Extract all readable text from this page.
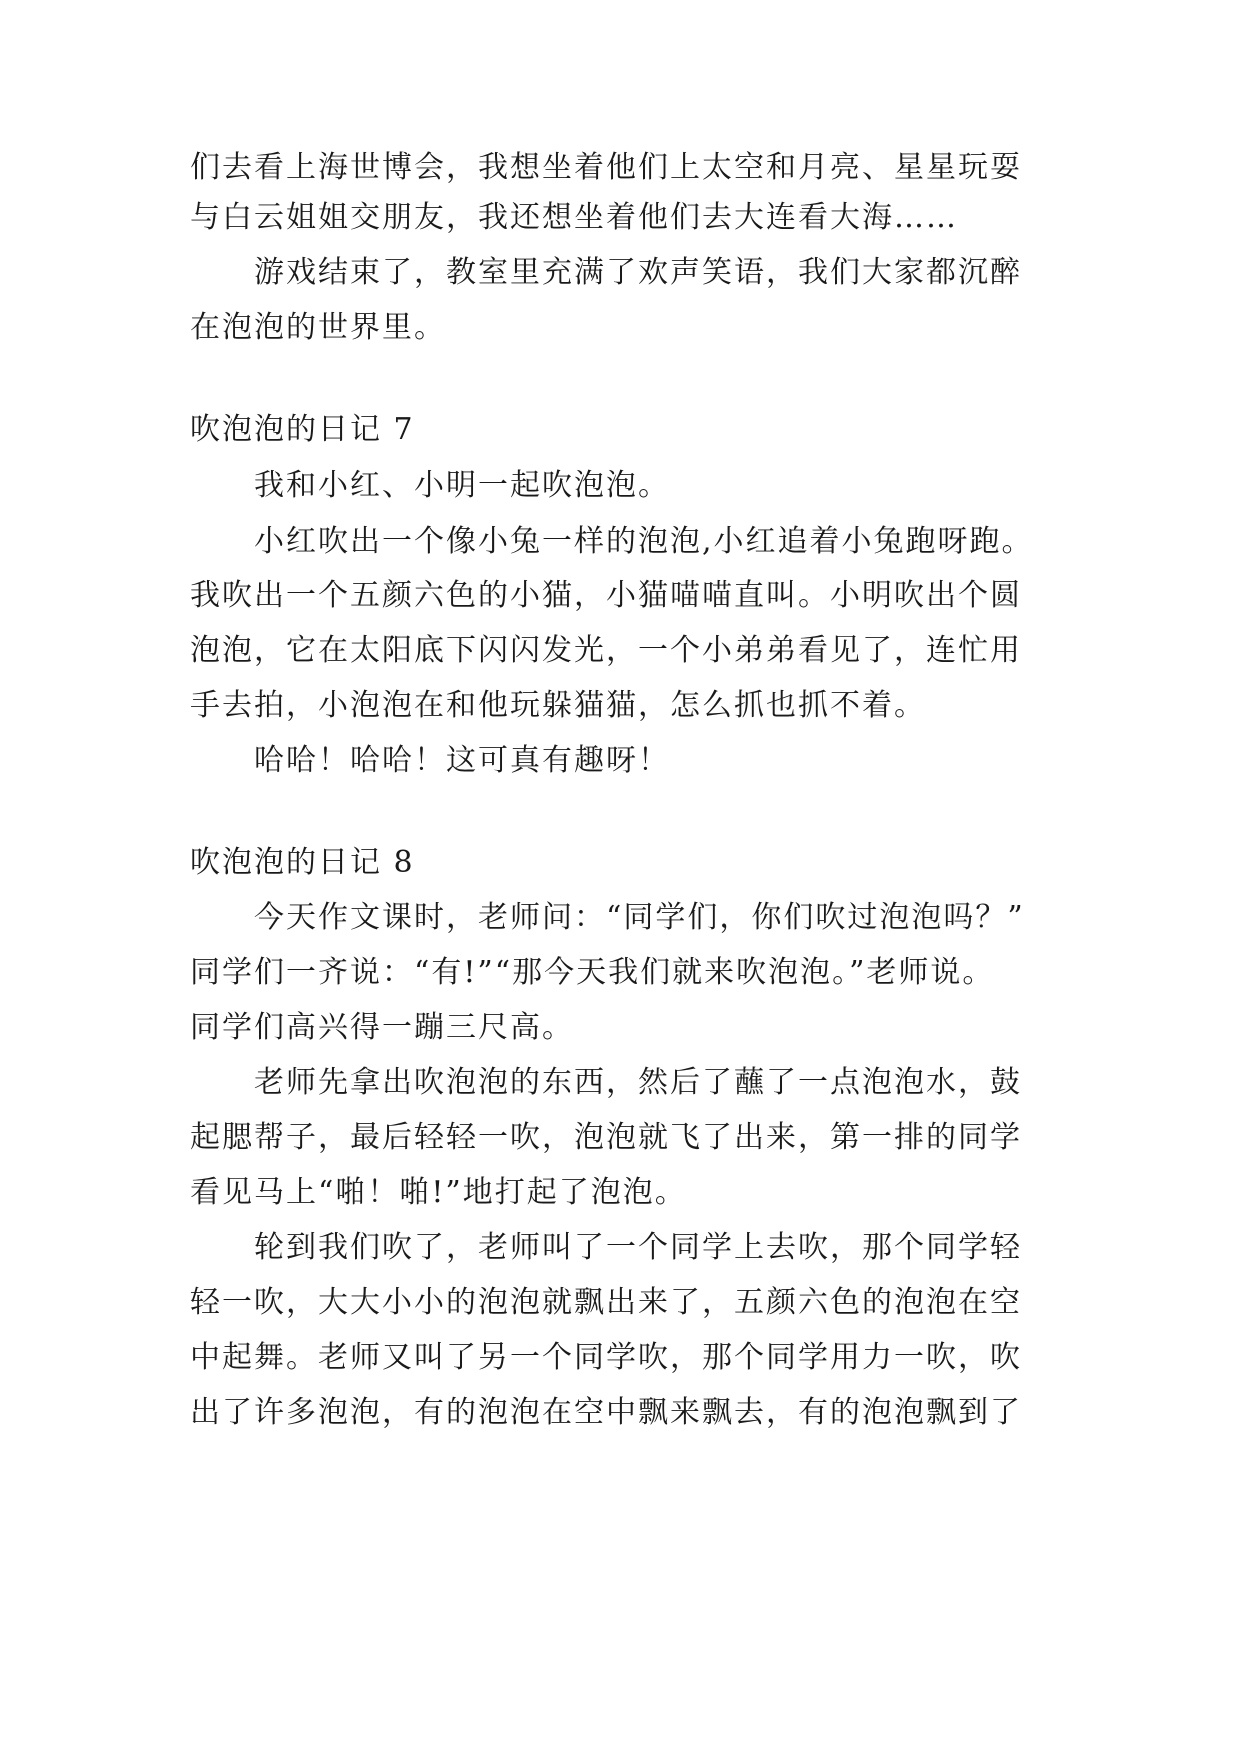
们去看上海世博会，我想坐着他们上太空和月亮、星星玩耍
与白云姐姐交朋友，我还想坐着他们去大连看大海……
游戏结束了，教室里充满了欢声笑语，我们大家都沉醉
在泡泡的世界里。
吹泡泡的日记 7
我和小红、小明一起吹泡泡。
小红吹出一个像小兔一样的泡泡,小红追着小兔跑呀跑。
我吹出一个五颜六色的小猫，小猫喵喵直叫。小明吹出个圆
泡泡，它在太阳底下闪闪发光，一个小弟弟看见了，连忙用
手去拍，小泡泡在和他玩躲猫猫，怎么抓也抓不着。
哈哈！哈哈！这可真有趣呀！
吹泡泡的日记 8
今天作文课时，老师问：“同学们，你们吹过泡泡吗？”
同学们一齐说：“有!”“那今天我们就来吹泡泡。”老师说。
同学们高兴得一蹦三尺高。
老师先拿出吹泡泡的东西，然后了蘸了一点泡泡水，鼓
起腮帮子，最后轻轻一吹，泡泡就飞了出来，第一排的同学
看见马上“啪！啪!”地打起了泡泡。
轮到我们吹了，老师叫了一个同学上去吹，那个同学轻
轻一吹，大大小小的泡泡就飘出来了，五颜六色的泡泡在空
中起舞。老师又叫了另一个同学吹，那个同学用力一吹，吹
出了许多泡泡，有的泡泡在空中飘来飘去，有的泡泡飘到了
